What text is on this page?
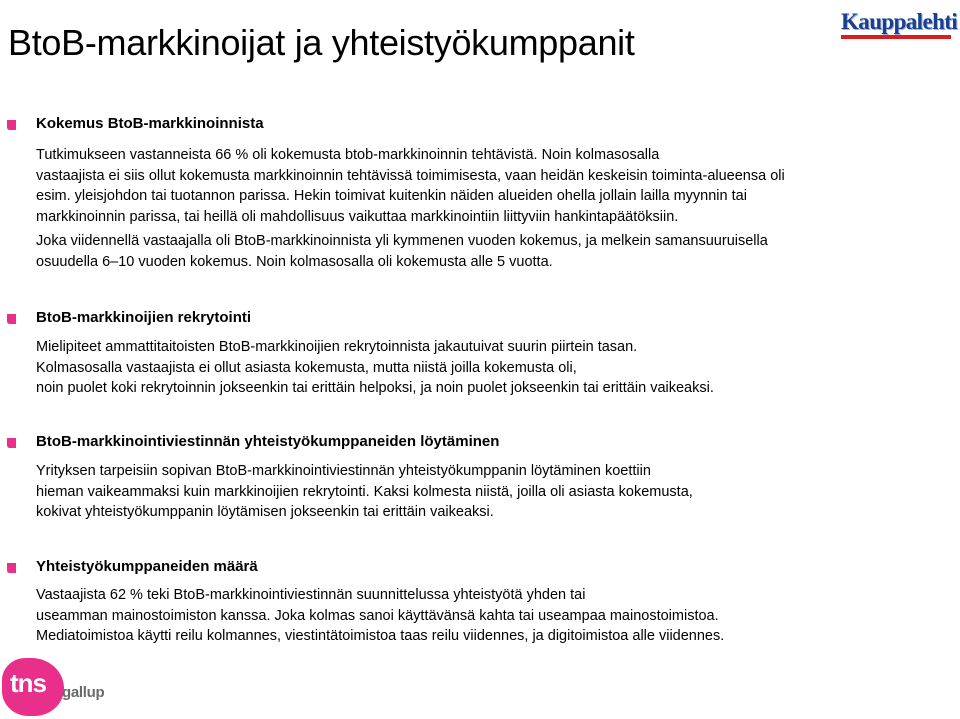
BtoB-markkinoijat ja yhteistyökumppanit
Kauppalehti
Kokemus BtoB-markkinoinnista
Tutkimukseen vastanneista 66 % oli kokemusta btob-markkinoinnin tehtävistä. Noin kolmasosalla
vastaajista ei siis ollut kokemusta markkinoinnin tehtävissä toimimisesta, vaan heidän keskeisin toiminta-alueensa oli
esim. yleisjohdon tai tuotannon parissa. Hekin toimivat kuitenkin näiden alueiden ohella jollain lailla myynnin tai
markkinoinnin parissa, tai heillä oli mahdollisuus vaikuttaa markkinointiin liittyviin hankintapäätöksiin.
Joka viidennellä vastaajalla oli BtoB-markkinoinnista yli kymmenen vuoden kokemus, ja melkein samansuuruisella
osuudella 6–10 vuoden kokemus. Noin kolmasosalla oli kokemusta alle 5 vuotta.
BtoB-markkinoijien rekrytointi
Mielipiteet ammattitaitoisten BtoB-markkinoijien rekrytoinnista jakautuivat suurin piirtein tasan.
Kolmasosalla vastaajista ei ollut asiasta kokemusta, mutta niistä joilla kokemusta oli,
noin puolet koki rekrytoinnin jokseenkin tai erittäin helpoksi, ja noin puolet jokseenkin tai erittäin vaikeaksi.
BtoB-markkinointiviestinnän yhteistyökumppaneiden löytäminen
Yrityksen tarpeisiin sopivan BtoB-markkinointiviestinnän yhteistyökumppanin löytäminen koettiin
hieman vaikeammaksi kuin markkinoijien rekrytointi. Kaksi kolmesta niistä, joilla oli asiasta kokemusta,
kokivat yhteistyökumppanin löytämisen jokseenkin tai erittäin vaikeaksi.
Yhteistyökumppaneiden määrä
Vastaajista 62 % teki BtoB-markkinointiviestinnän suunnittelussa yhteistyötä yhden tai
useamman mainostoimiston kanssa. Joka kolmas sanoi käyttävänsä kahta tai useampaa mainostoimistoa.
Mediatoimistoa käytti reilu kolmannes, viestintätoimistoa taas reilu viidennes, ja digitoimistoa alle viidennes.
tns gallup
